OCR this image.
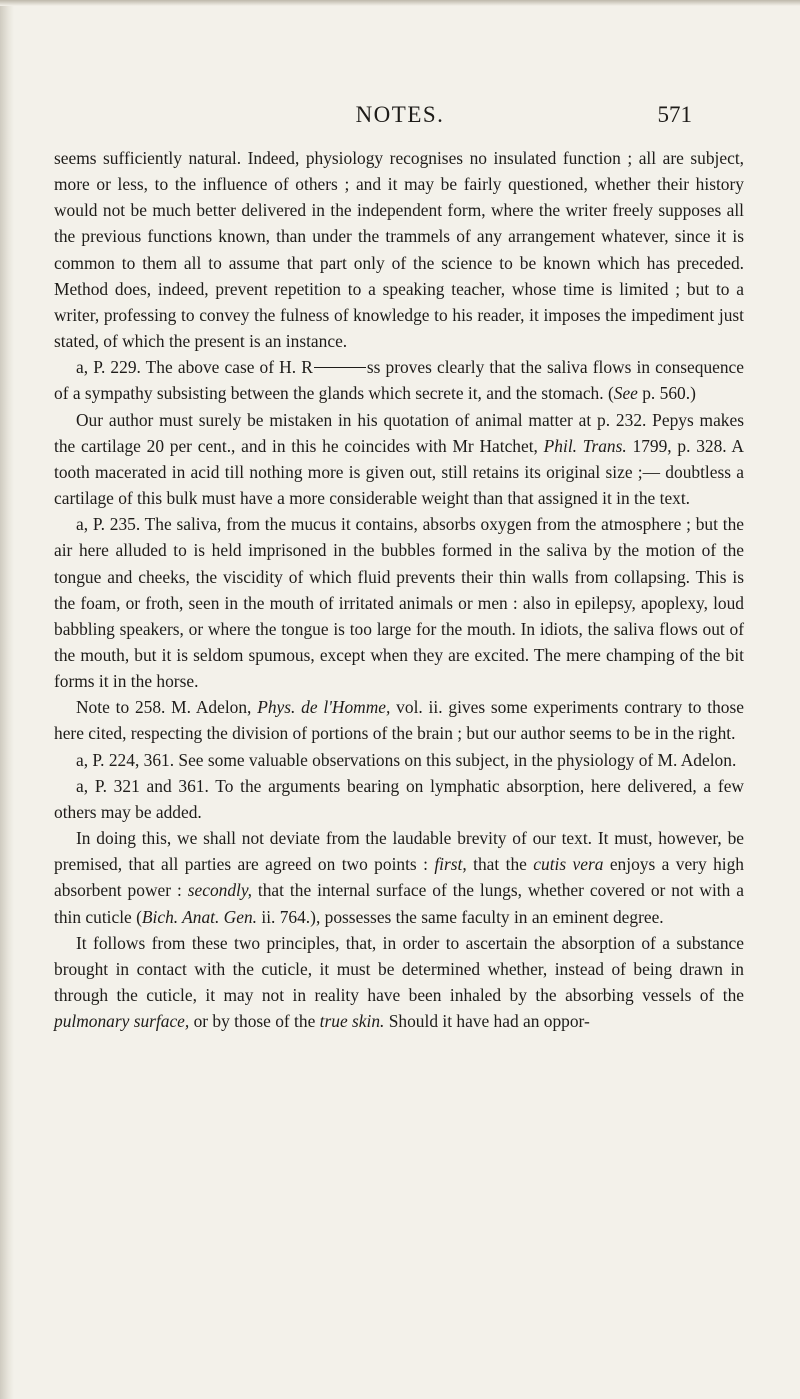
NOTES.	571

seems sufficiently natural. Indeed, physiology recognises no insulated function ; all are subject, more or less, to the influence of others ; and it may be fairly questioned, whether their history would not be much better delivered in the independent form, where the writer freely supposes all the previous functions known, than under the trammels of any arrangement whatever, since it is common to them all to assume that part only of the science to be known which has preceded. Method does, indeed, prevent repetition to a speaking teacher, whose time is limited ; but to a writer, professing to convey the fulness of knowledge to his reader, it imposes the impediment just stated, of which the present is an instance.

a, P. 229. The above case of H. R	ss proves clearly that the saliva flows in consequence of a sympathy subsisting between the glands which secrete it, and the stomach. (See p. 560.)

Our author must surely be mistaken in his quotation of animal matter at p. 232. Pepys makes the cartilage 20 per cent., and in this he coincides with Mr Hatchet, Phil. Trans. 1799, p. 328. A tooth macerated in acid till nothing more is given out, still retains its original size ;— doubtless a cartilage of this bulk must have a more considerable weight than that assigned it in the text.

a, P. 235. The saliva, from the mucus it contains, absorbs oxygen from the atmosphere ; but the air here alluded to is held imprisoned in the bubbles formed in the saliva by the motion of the tongue and cheeks, the viscidity of which fluid prevents their thin walls from collapsing. This is the foam, or froth, seen in the mouth of irritated animals or men : also in epilepsy, apoplexy, loud babbling speakers, or where the tongue is too large for the mouth. In idiots, the saliva flows out of the mouth, but it is seldom spumous, except when they are excited. The mere champing of the bit forms it in the horse.

Note to 258. M. Adelon, Phys. de l'Homme, vol. ii. gives some experiments contrary to those here cited, respecting the division of portions of the brain ; but our author seems to be in the right.

a, P. 224, 361. See some valuable observations on this subject, in the physiology of M. Adelon.

a, P. 321 and 361. To the arguments bearing on lymphatic absorption, here delivered, a few others may be added.

In doing this, we shall not deviate from the laudable brevity of our text. It must, however, be premised, that all parties are agreed on two points : first, that the cutis vera enjoys a very high absorbent power : secondly, that the internal surface of the lungs, whether covered or not with a thin cuticle (Bich. Anat. Gen. ii. 764.), possesses the same faculty in an eminent degree.

It follows from these two principles, that, in order to ascertain the absorption of a substance brought in contact with the cuticle, it must be determined whether, instead of being drawn in through the cuticle, it may not in reality have been inhaled by the absorbing vessels of the pulmonary surface, or by those of the true skin. Should it have had an oppor-
